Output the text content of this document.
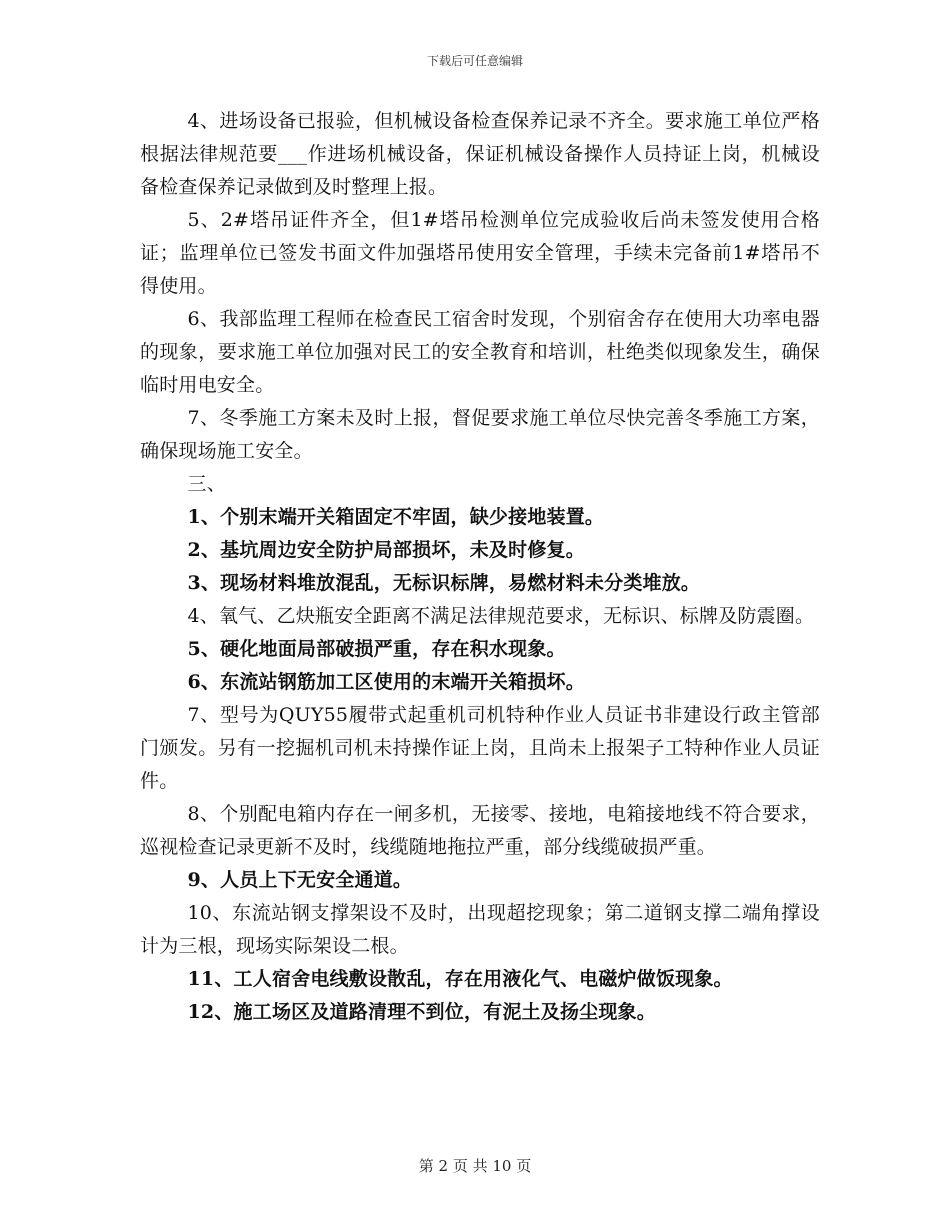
下载后可任意编辑

4、进场设备已报验，但机械设备检查保养记录不齐全。要求施工单位严格根据法律规范要___作进场机械设备，保证机械设备操作人员持证上岗，机械设备检查保养记录做到及时整理上报。

5、2#塔吊证件齐全，但1#塔吊检测单位完成验收后尚未签发使用合格证；监理单位已签发书面文件加强塔吊使用安全管理，手续未完备前1#塔吊不得使用。

6、我部监理工程师在检查民工宿舍时发现，个别宿舍存在使用大功率电器的现象，要求施工单位加强对民工的安全教育和培训，杜绝类似现象发生，确保临时用电安全。

7、冬季施工方案未及时上报，督促要求施工单位尽快完善冬季施工方案，确保现场施工安全。

三、

1、个别末端开关箱固定不牢固，缺少接地装置。

2、基坑周边安全防护局部损坏，未及时修复。

3、现场材料堆放混乱，无标识标牌，易燃材料未分类堆放。

4、氧气、乙炔瓶安全距离不满足法律规范要求，无标识、标牌及防震圈。

5、硬化地面局部破损严重，存在积水现象。

6、东流站钢筋加工区使用的末端开关箱损坏。

7、型号为QUY55履带式起重机司机特种作业人员证书非建设行政主管部门颁发。另有一挖掘机司机未持操作证上岗，且尚未上报架子工特种作业人员证件。

8、个别配电箱内存在一闸多机，无接零、接地，电箱接地线不符合要求，巡视检查记录更新不及时，线缆随地拖拉严重，部分线缆破损严重。

9、人员上下无安全通道。

10、东流站钢支撑架设不及时，出现超挖现象；第二道钢支撑二端角撑设计为三根，现场实际架设二根。

11、工人宿舍电线敷设散乱，存在用液化气、电磁炉做饭现象。

12、施工场区及道路清理不到位，有泥土及扬尘现象。

第 2 页 共 10 页
